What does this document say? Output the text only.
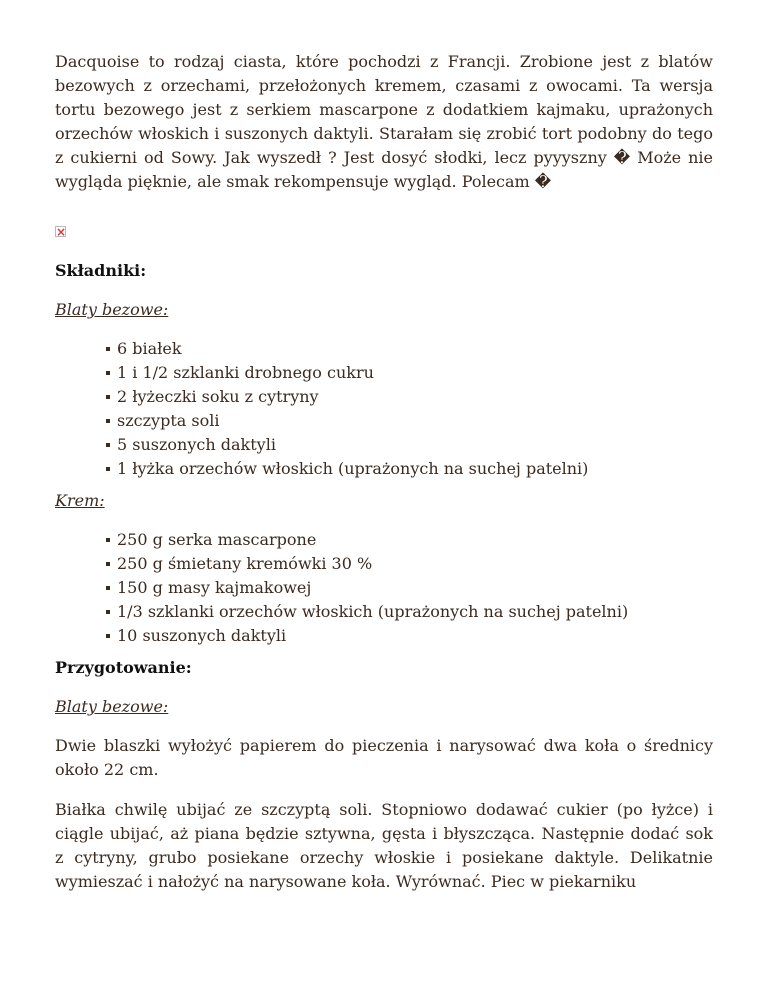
Dacquoise to rodzaj ciasta, które pochodzi z Francji. Zrobione jest z blatów bezowych z orzechami, przełożonych kremem, czasami z owocami. Ta wersja tortu bezowego jest z serkiem mascarpone z dodatkiem kajmaku, uprażonych orzechów włoskich i suszonych daktyli. Starałam się zrobić tort podobny do tego z cukierni od Sowy. Jak wyszedł ? Jest dosyć słodki, lecz pyyyszny � Może nie wygląda pięknie, ale smak rekompensuje wygląd. Polecam �

×

Składniki:

Blaty bezowe:

6 białek
1 i 1/2 szklanki drobnego cukru
2 łyżeczki soku z cytryny
szczypta soli
5 suszonych daktyli
1 łyżka orzechów włoskich (uprażonych na suchej patelni)

Krem:

250 g serka mascarpone
250 g śmietany kremówki 30 %
150 g masy kajmakowej
1/3 szklanki orzechów włoskich (uprażonych na suchej patelni)
10 suszonych daktyli

Przygotowanie:

Blaty bezowe:

Dwie blaszki wyłożyć papierem do pieczenia i narysować dwa koła o średnicy około 22 cm.

Białka chwilę ubijać ze szczyptą soli. Stopniowo dodawać cukier (po łyżce) i ciągle ubijać, aż piana będzie sztywna, gęsta i błyszcząca. Następnie dodać sok z cytryny, grubo posiekane orzechy włoskie i posiekane daktyle. Delikatnie wymieszać i nałożyć na narysowane koła. Wyrównać. Piec w piekarniku
